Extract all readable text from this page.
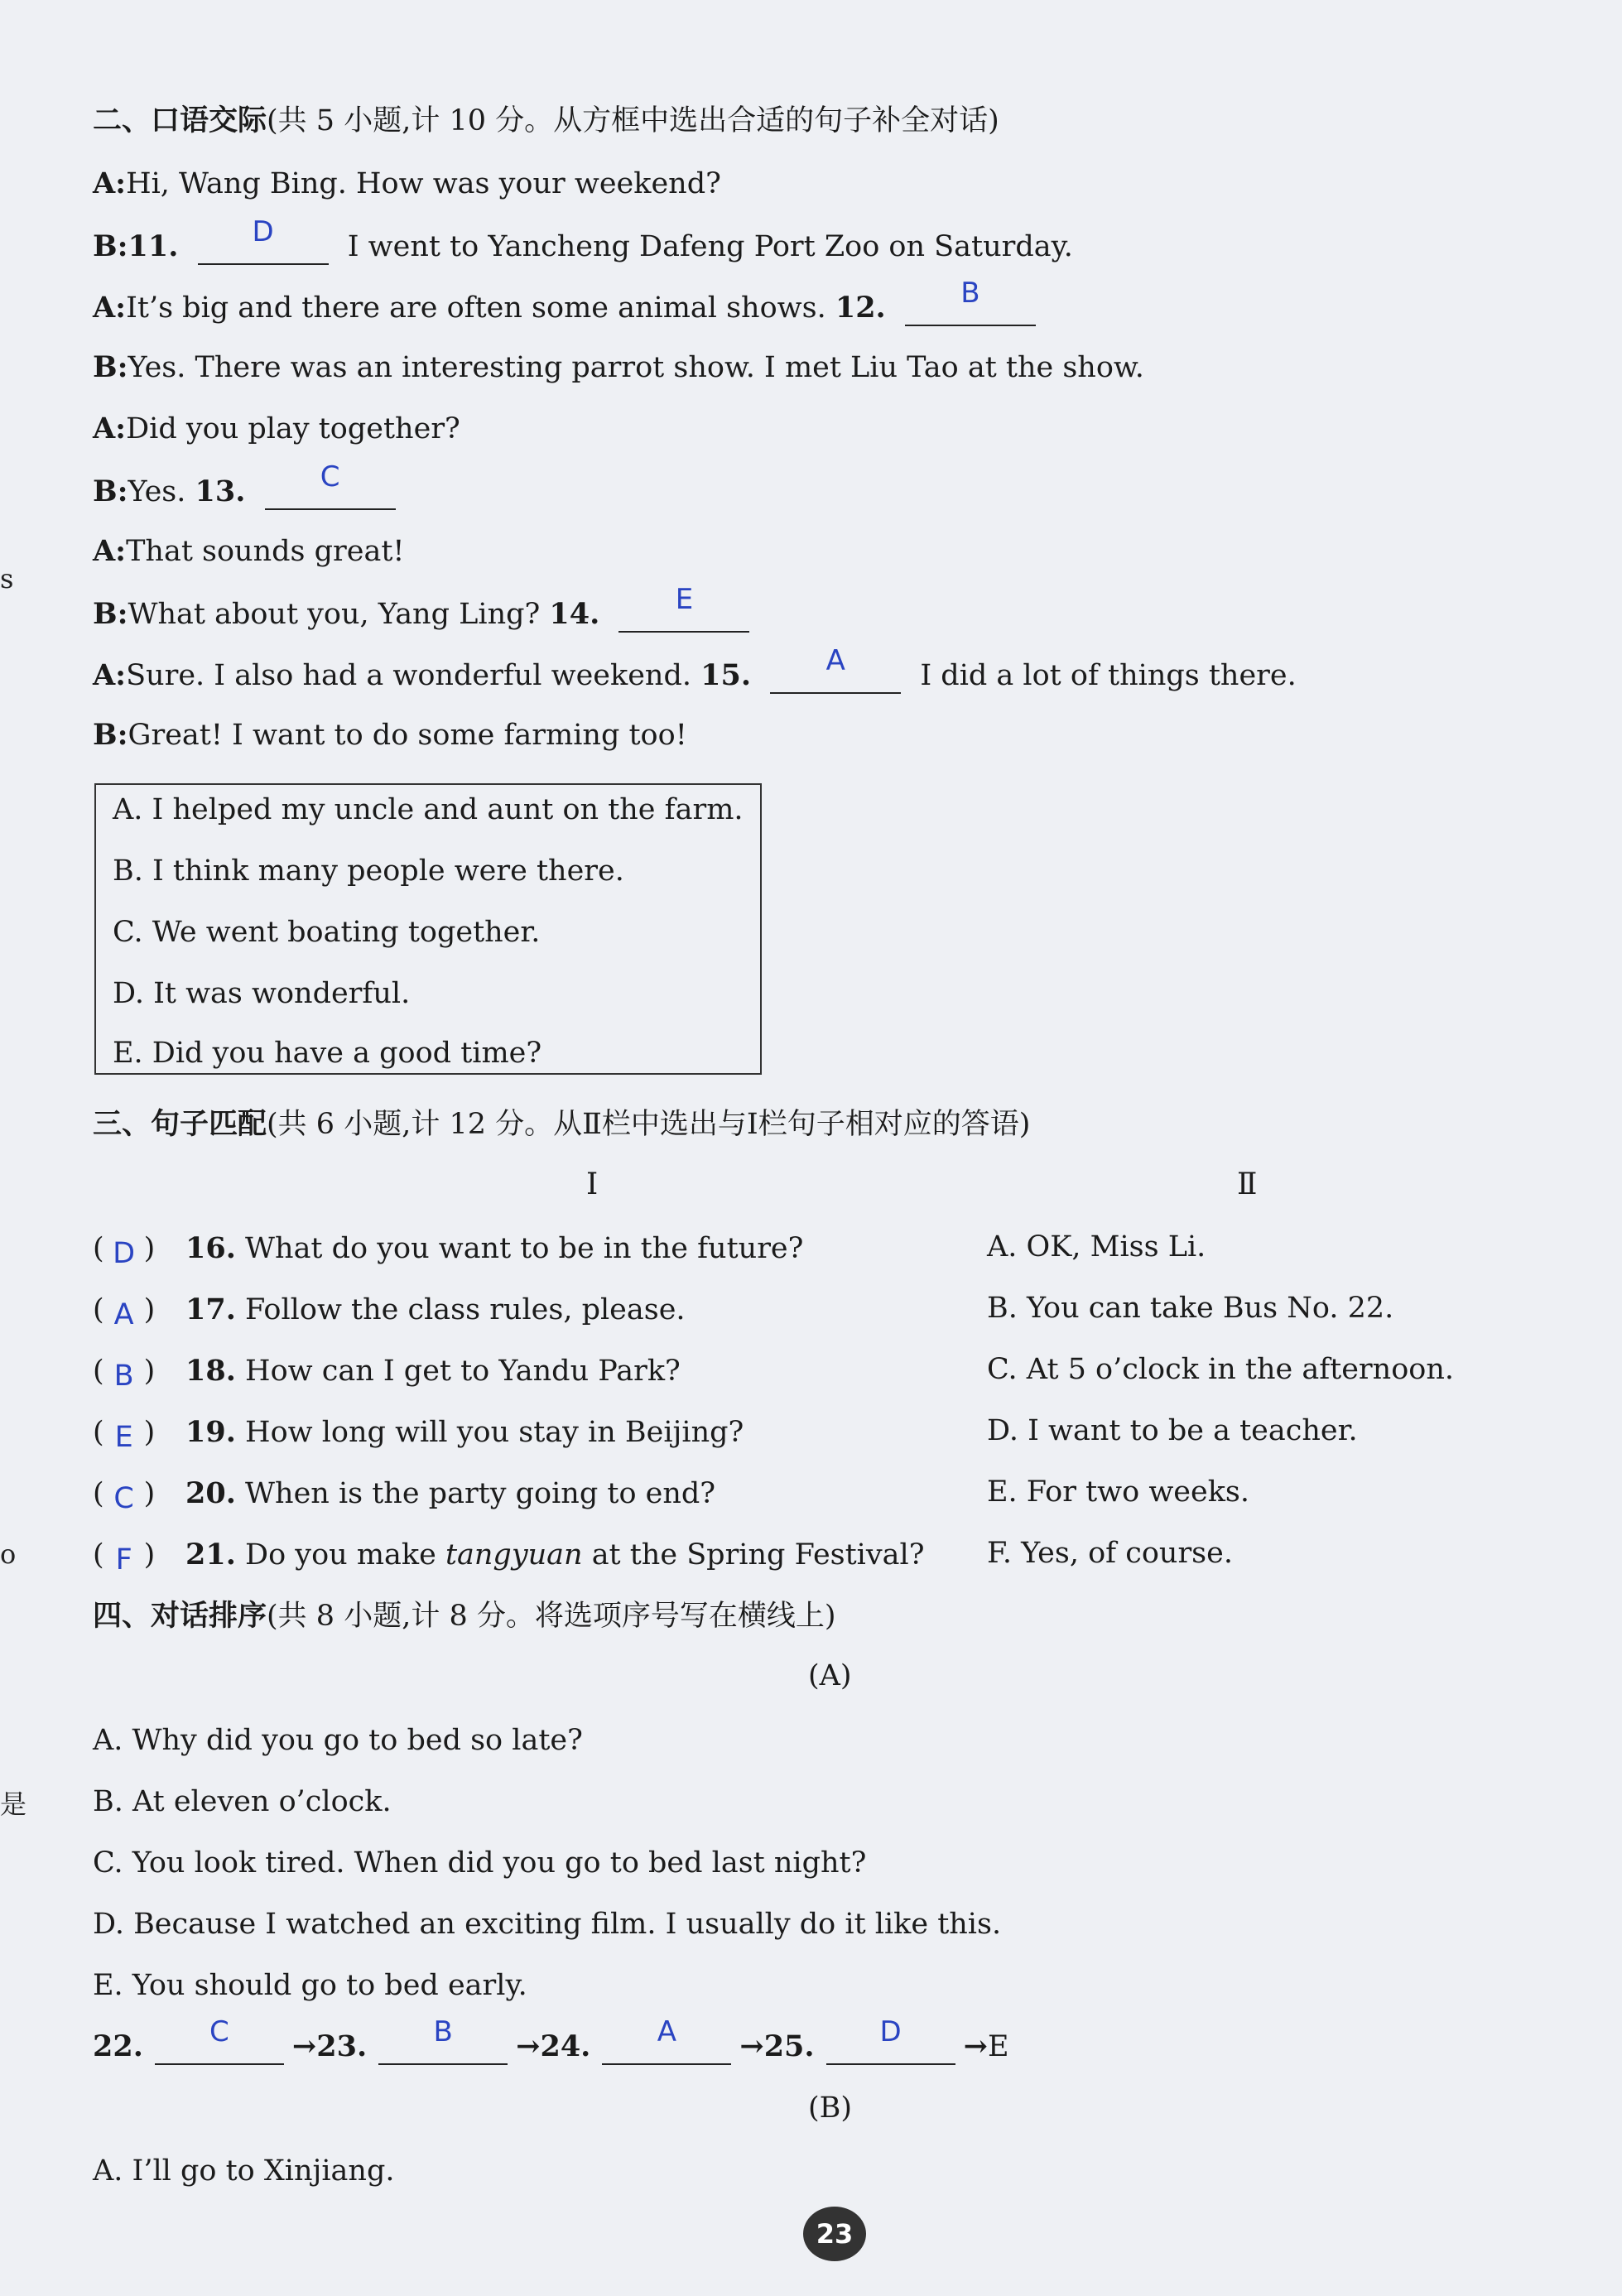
二、口语交际(共 5 小题,计 10 分。从方框中选出合适的句子补全对话)
A:Hi, Wang Bing. How was your weekend?
B:11.	D	I went to Yancheng Dafeng Port Zoo on Saturday.
A:It’s big and there are often some animal shows. 12.	B
B:Yes. There was an interesting parrot show. I met Liu Tao at the show.
A:Did you play together?
B:Yes. 13.	C
A:That sounds great!
B:What about you, Yang Ling? 14.	E
A:Sure. I also had a wonderful weekend. 15.	A	I did a lot of things there.
B:Great! I want to do some farming too!
A. I helped my uncle and aunt on the farm.
B. I think many people were there.
C. We went boating together.
D. It was wonderful.
E. Did you have a good time?
三、句子匹配(共 6 小题,计 12 分。从Ⅱ栏中选出与Ⅰ栏句子相对应的答语)
Ⅰ	Ⅱ
( D ) 16. What do you want to be in the future?	A. OK, Miss Li.
( A ) 17. Follow the class rules, please.	B. You can take Bus No. 22.
( B ) 18. How can I get to Yandu Park?	C. At 5 o’clock in the afternoon.
( E ) 19. How long will you stay in Beijing?	D. I want to be a teacher.
( C ) 20. When is the party going to end?	E. For two weeks.
( F ) 21. Do you make tangyuan at the Spring Festival? F. Yes, of course.
四、对话排序(共 8 小题,计 8 分。将选项序号写在横线上)
(A)
A. Why did you go to bed so late?
B. At eleven o’clock.
C. You look tired. When did you go to bed last night?
D. Because I watched an exciting film. I usually do it like this.
E. You should go to bed early.
22.	C	→23.	B	→24.	A	→25.	D	→E
(B)
A. I’ll go to Xinjiang.
23
s
o
是
